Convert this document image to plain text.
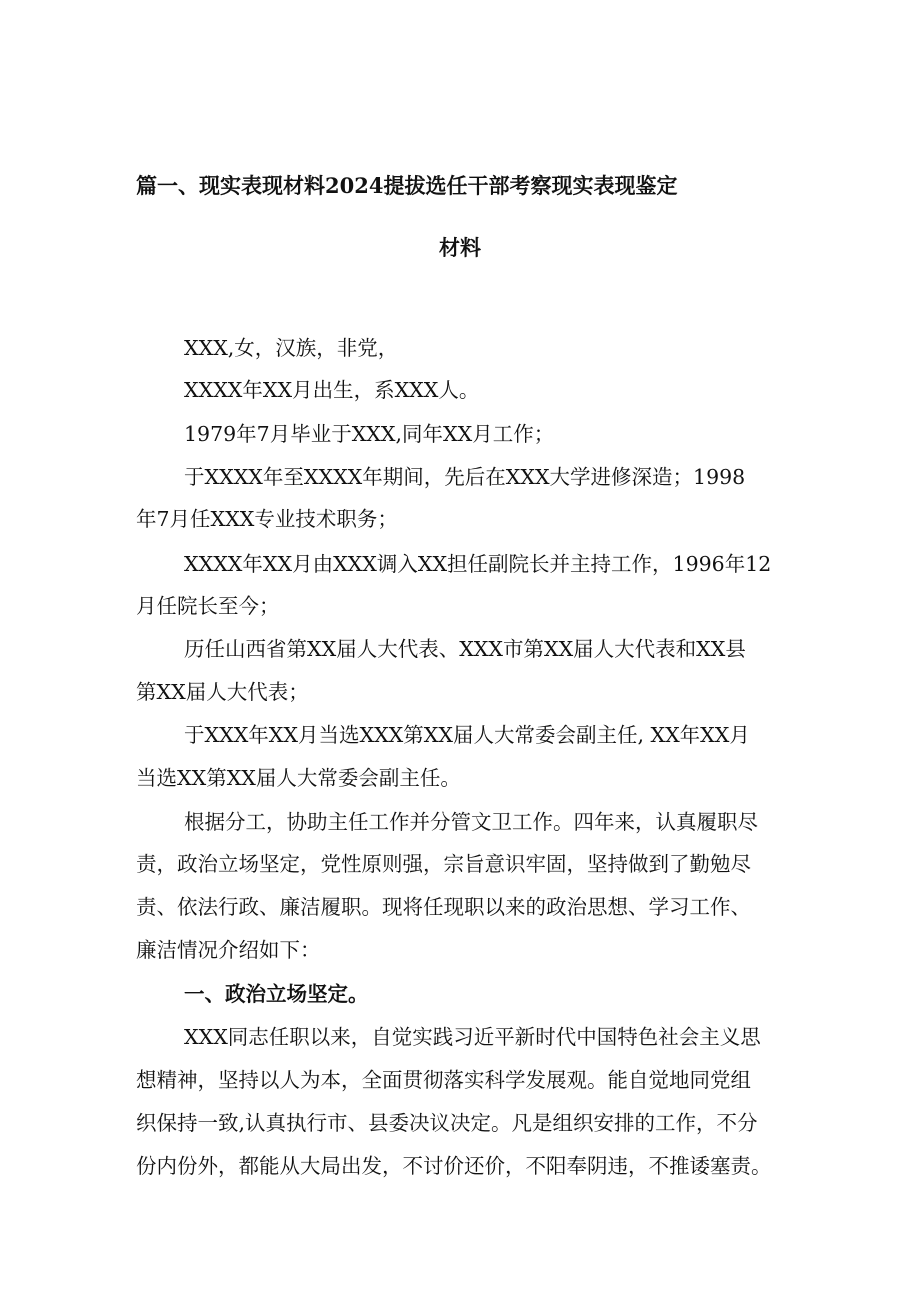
篇一、现实表现材料2024提拔选任干部考察现实表现鉴定
材料
XXX,女，汉族，非党，
XXXX年XX月出生，系XXX人。
1979年7月毕业于XXX,同年XX月工作；
于XXXX年至XXXX年期间，先后在XXX大学进修深造；1998
年7月任XXX专业技术职务；
XXXX年XX月由XXX调入XX担任副院长并主持工作，1996年12
月任院长至今；
历任山西省第XX届人大代表、XXX市第XX届人大代表和XX县
第XX届人大代表；
于XXX年XX月当选XXX第XX届人大常委会副主任, XX年XX月
当选XX第XX届人大常委会副主任。
根据分工，协助主任工作并分管文卫工作。四年来，认真履职尽
责，政治立场坚定，党性原则强，宗旨意识牢固，坚持做到了勤勉尽
责、依法行政、廉洁履职。现将任现职以来的政治思想、学习工作、
廉洁情况介绍如下：
一、政治立场坚定。
XXX同志任职以来，自觉实践习近平新时代中国特色社会主义思
想精神，坚持以人为本，全面贯彻落实科学发展观。能自觉地同党组
织保持一致,认真执行市、县委决议决定。凡是组织安排的工作，不分
份内份外，都能从大局出发，不讨价还价，不阳奉阴违，不推诿塞责。
